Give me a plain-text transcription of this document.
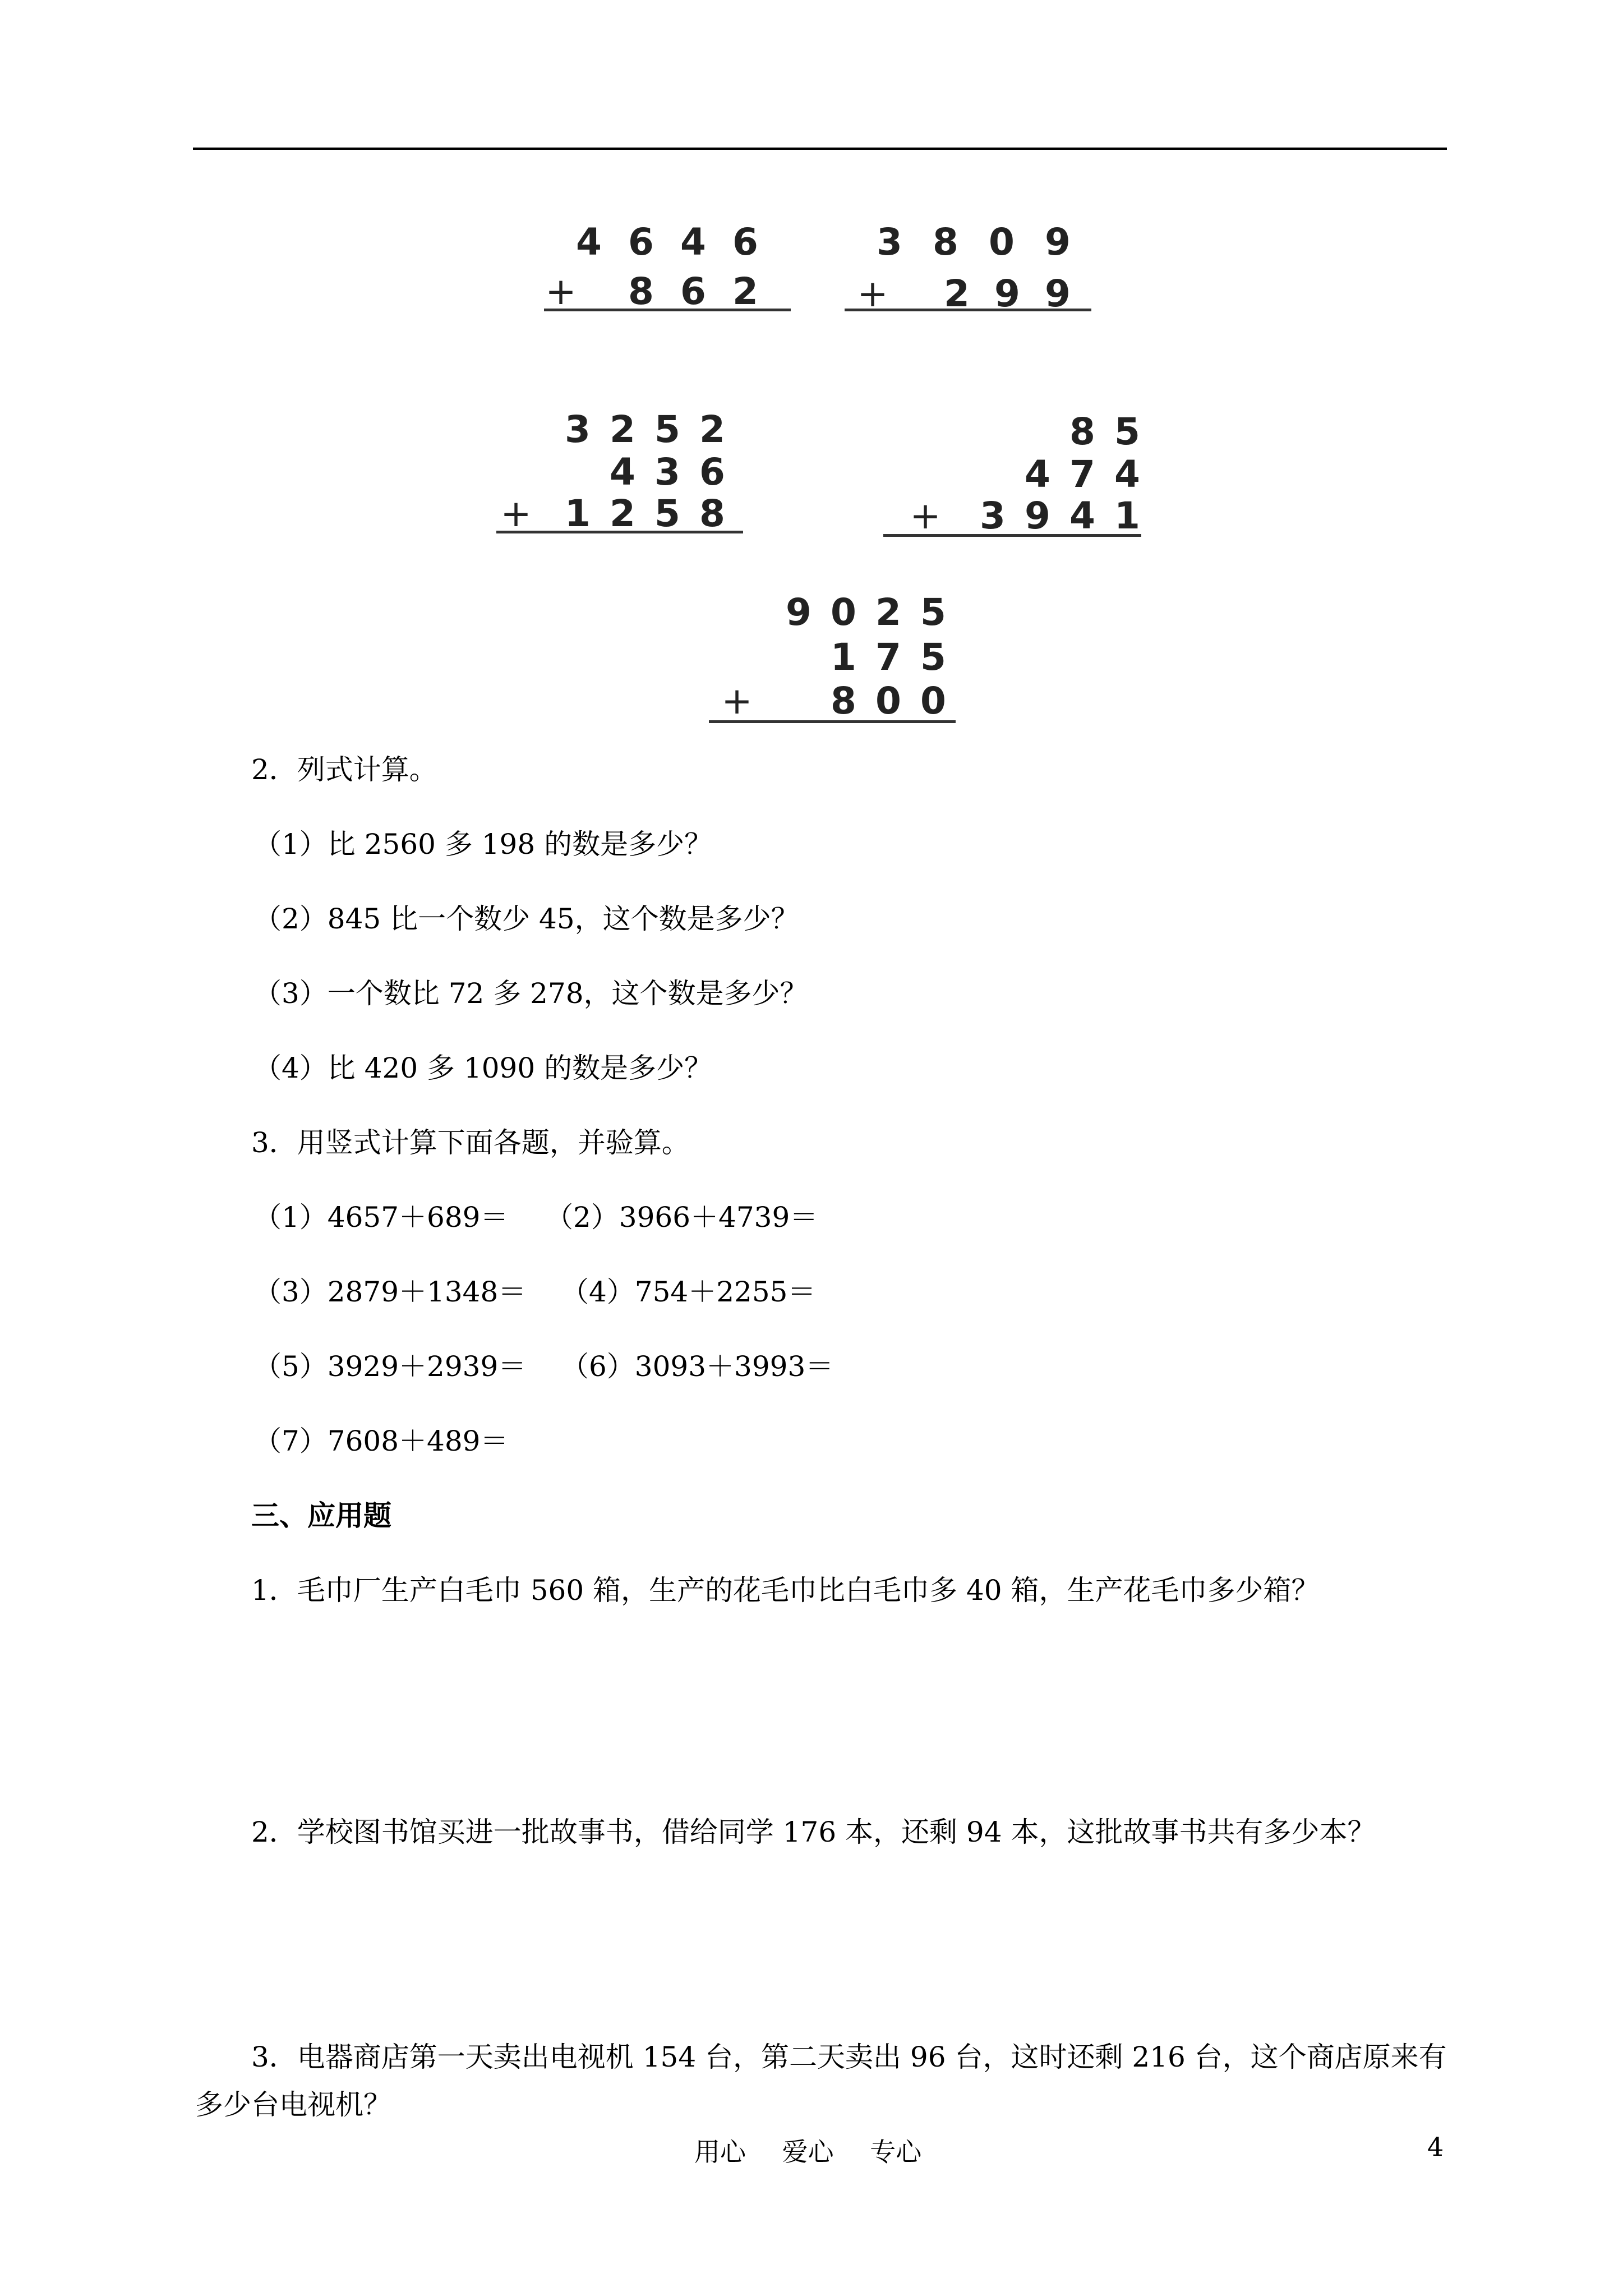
4 6 4 6
+ 8 6 2
3 8 0 9
+ 2 9 9
3 2 5 2
4 3 6
+ 1 2 5 8
8 5
4 7 4
+ 3 9 4 1
9 0 2 5
1 7 5
+ 8 0 0
2．列式计算。
（1）比 2560 多 198 的数是多少？
（2）845 比一个数少 45，这个数是多少？
（3）一个数比 72 多 278，这个数是多少？
（4）比 420 多 1090 的数是多少？
3．用竖式计算下面各题，并验算。
（1）4657＋689＝ （2）3966＋4739＝
（3）2879＋1348＝ （4）754＋2255＝
（5）3929＋2939＝ （6）3093＋3993＝
（7）7608＋489＝
三、应用题
1．毛巾厂生产白毛巾 560 箱，生产的花毛巾比白毛巾多 40 箱，生产花毛巾多少箱？
2．学校图书馆买进一批故事书，借给同学 176 本，还剩 94 本，这批故事书共有多少本？
3．电器商店第一天卖出电视机 154 台，第二天卖出 96 台，这时还剩 216 台，这个商店原来有
多少台电视机？
用心 爱心 专心	4
